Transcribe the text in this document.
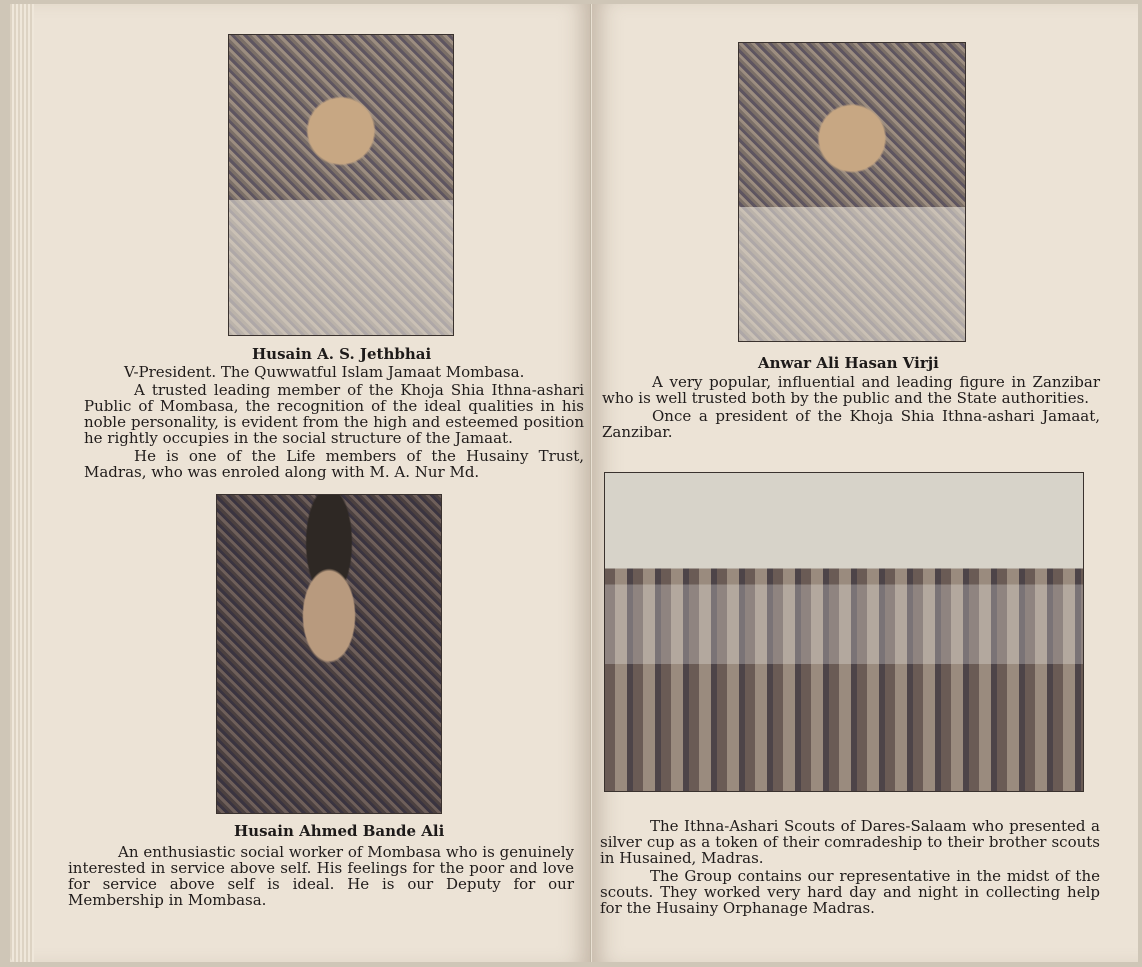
Husain A. S. Jethbhai

V-President. The Quwwatful Islam Jamaat Mombasa.

A trusted leading member of the Khoja Shia Ithna-ashari Public of Mombasa, the recognition of the ideal qualities in his noble personality, is evident from the high and esteemed position he rightly occupies in the social structure of the Jamaat.

He is one of the Life members of the Husainy Trust, Madras, who was enroled along with M. A. Nur Md.

Husain Ahmed Bande Ali

An enthusiastic social worker of Mombasa who is genuinely interested in service above self. His feelings for the poor and love for service above self is ideal. He is our Deputy for our Membership in Mombasa.

Anwar Ali Hasan Virji

A very popular, influential and leading figure in Zanzibar who is well trusted both by the public and the State authorities.

Once a president of the Khoja Shia Ithna-ashari Jamaat, Zanzibar.

The Ithna-Ashari Scouts of Dares-Salaam who presented a silver cup as a token of their comradeship to their brother scouts in Husained, Madras.

The Group contains our representative in the midst of the scouts. They worked very hard day and night in collecting help for the Husainy Orphanage Madras.
